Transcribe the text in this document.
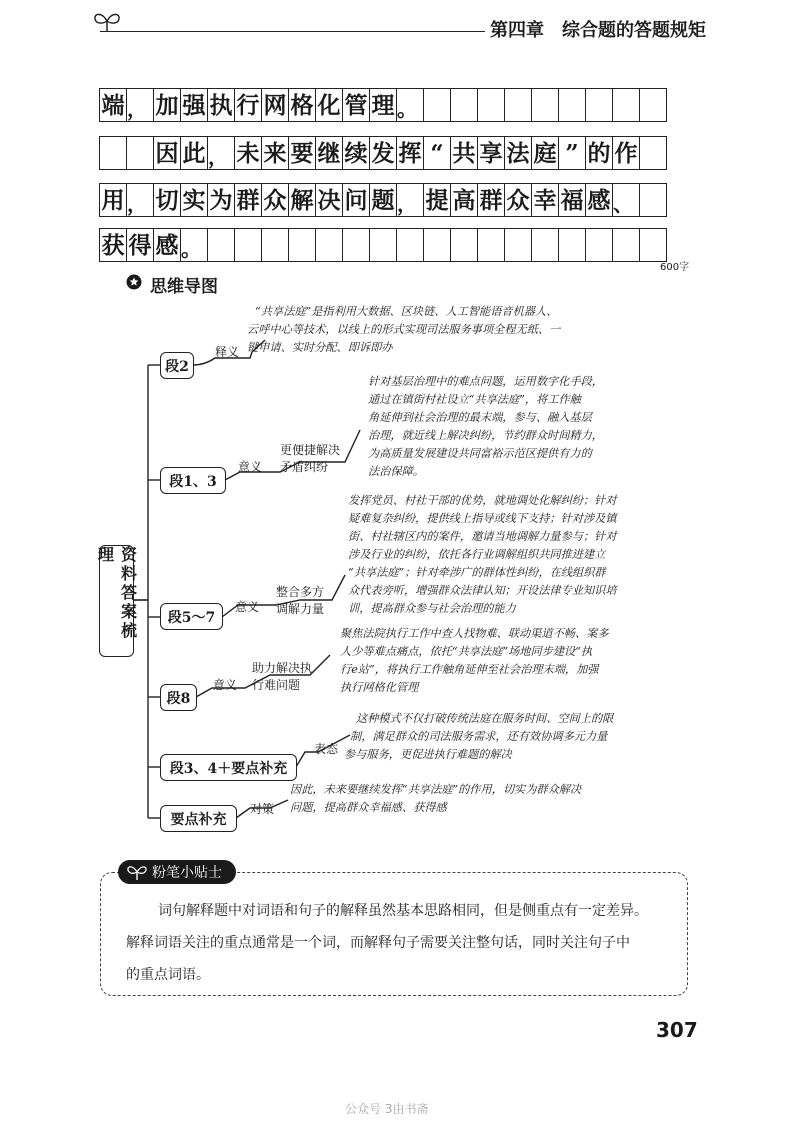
第四章　综合题的答题规矩
端 ， 加 强 执 行 网 格 化 管 理 。
因 此 ， 未 来 要 继 续 发 挥 “ 共 享 法 庭 ” 的 作
用 ， 切 实 为 群 众 解 决 问 题 ， 提 高 群 众 幸 福 感 、
获 得 感 。
600字
思维导图
资料答案梳理
段2
释义
“共享法庭”是指利用大数据、区块链、人工智能语音机器人、
云呼中心等技术，以线上的形式实现司法服务事项全程无纸、一
键申请、实时分配、即诉即办
段1、3
意义
更便捷解决
矛盾纠纷
针对基层治理中的难点问题，运用数字化手段，
通过在镇街村社设立“共享法庭”，将工作触
角延伸到社会治理的最末端，参与、融入基层
治理，就近线上解决纠纷，节约群众时间精力，
为高质量发展建设共同富裕示范区提供有力的
法治保障。
段5～7
意义
整合多方
调解力量
发挥党员、村社干部的优势，就地调处化解纠纷；针对
疑难复杂纠纷，提供线上指导或线下支持；针对涉及镇
街、村社辖区内的案件，邀请当地调解力量参与；针对
涉及行业的纠纷，依托各行业调解组织共同推进建立
“共享法庭”；针对牵涉广的群体性纠纷，在线组织群
众代表旁听，增强群众法律认知；开设法律专业知识培
训，提高群众参与社会治理的能力
段8
意义
助力解决执
行难问题
聚焦法院执行工作中查人找物难、联动渠道不畅、案多
人少等难点痛点，依托“共享法庭”场地同步建设“执
行e站”，将执行工作触角延伸至社会治理末端，加强
执行网格化管理
段3、4＋要点补充
表态
这种模式不仅打破传统法庭在服务时间、空间上的限
制，满足群众的司法服务需求，还有效协调多元力量
参与服务，更促进执行难题的解决
要点补充
对策
因此，未来要继续发挥“共享法庭”的作用，切实为群众解决
问题，提高群众幸福感、获得感
粉笔小贴士
词句解释题中对词语和句子的解释虽然基本思路相同，但是侧重点有一定差异。
解释词语关注的重点通常是一个词，而解释句子需要关注整句话，同时关注句子中
的重点词语。
307
公众号 3由书斋
